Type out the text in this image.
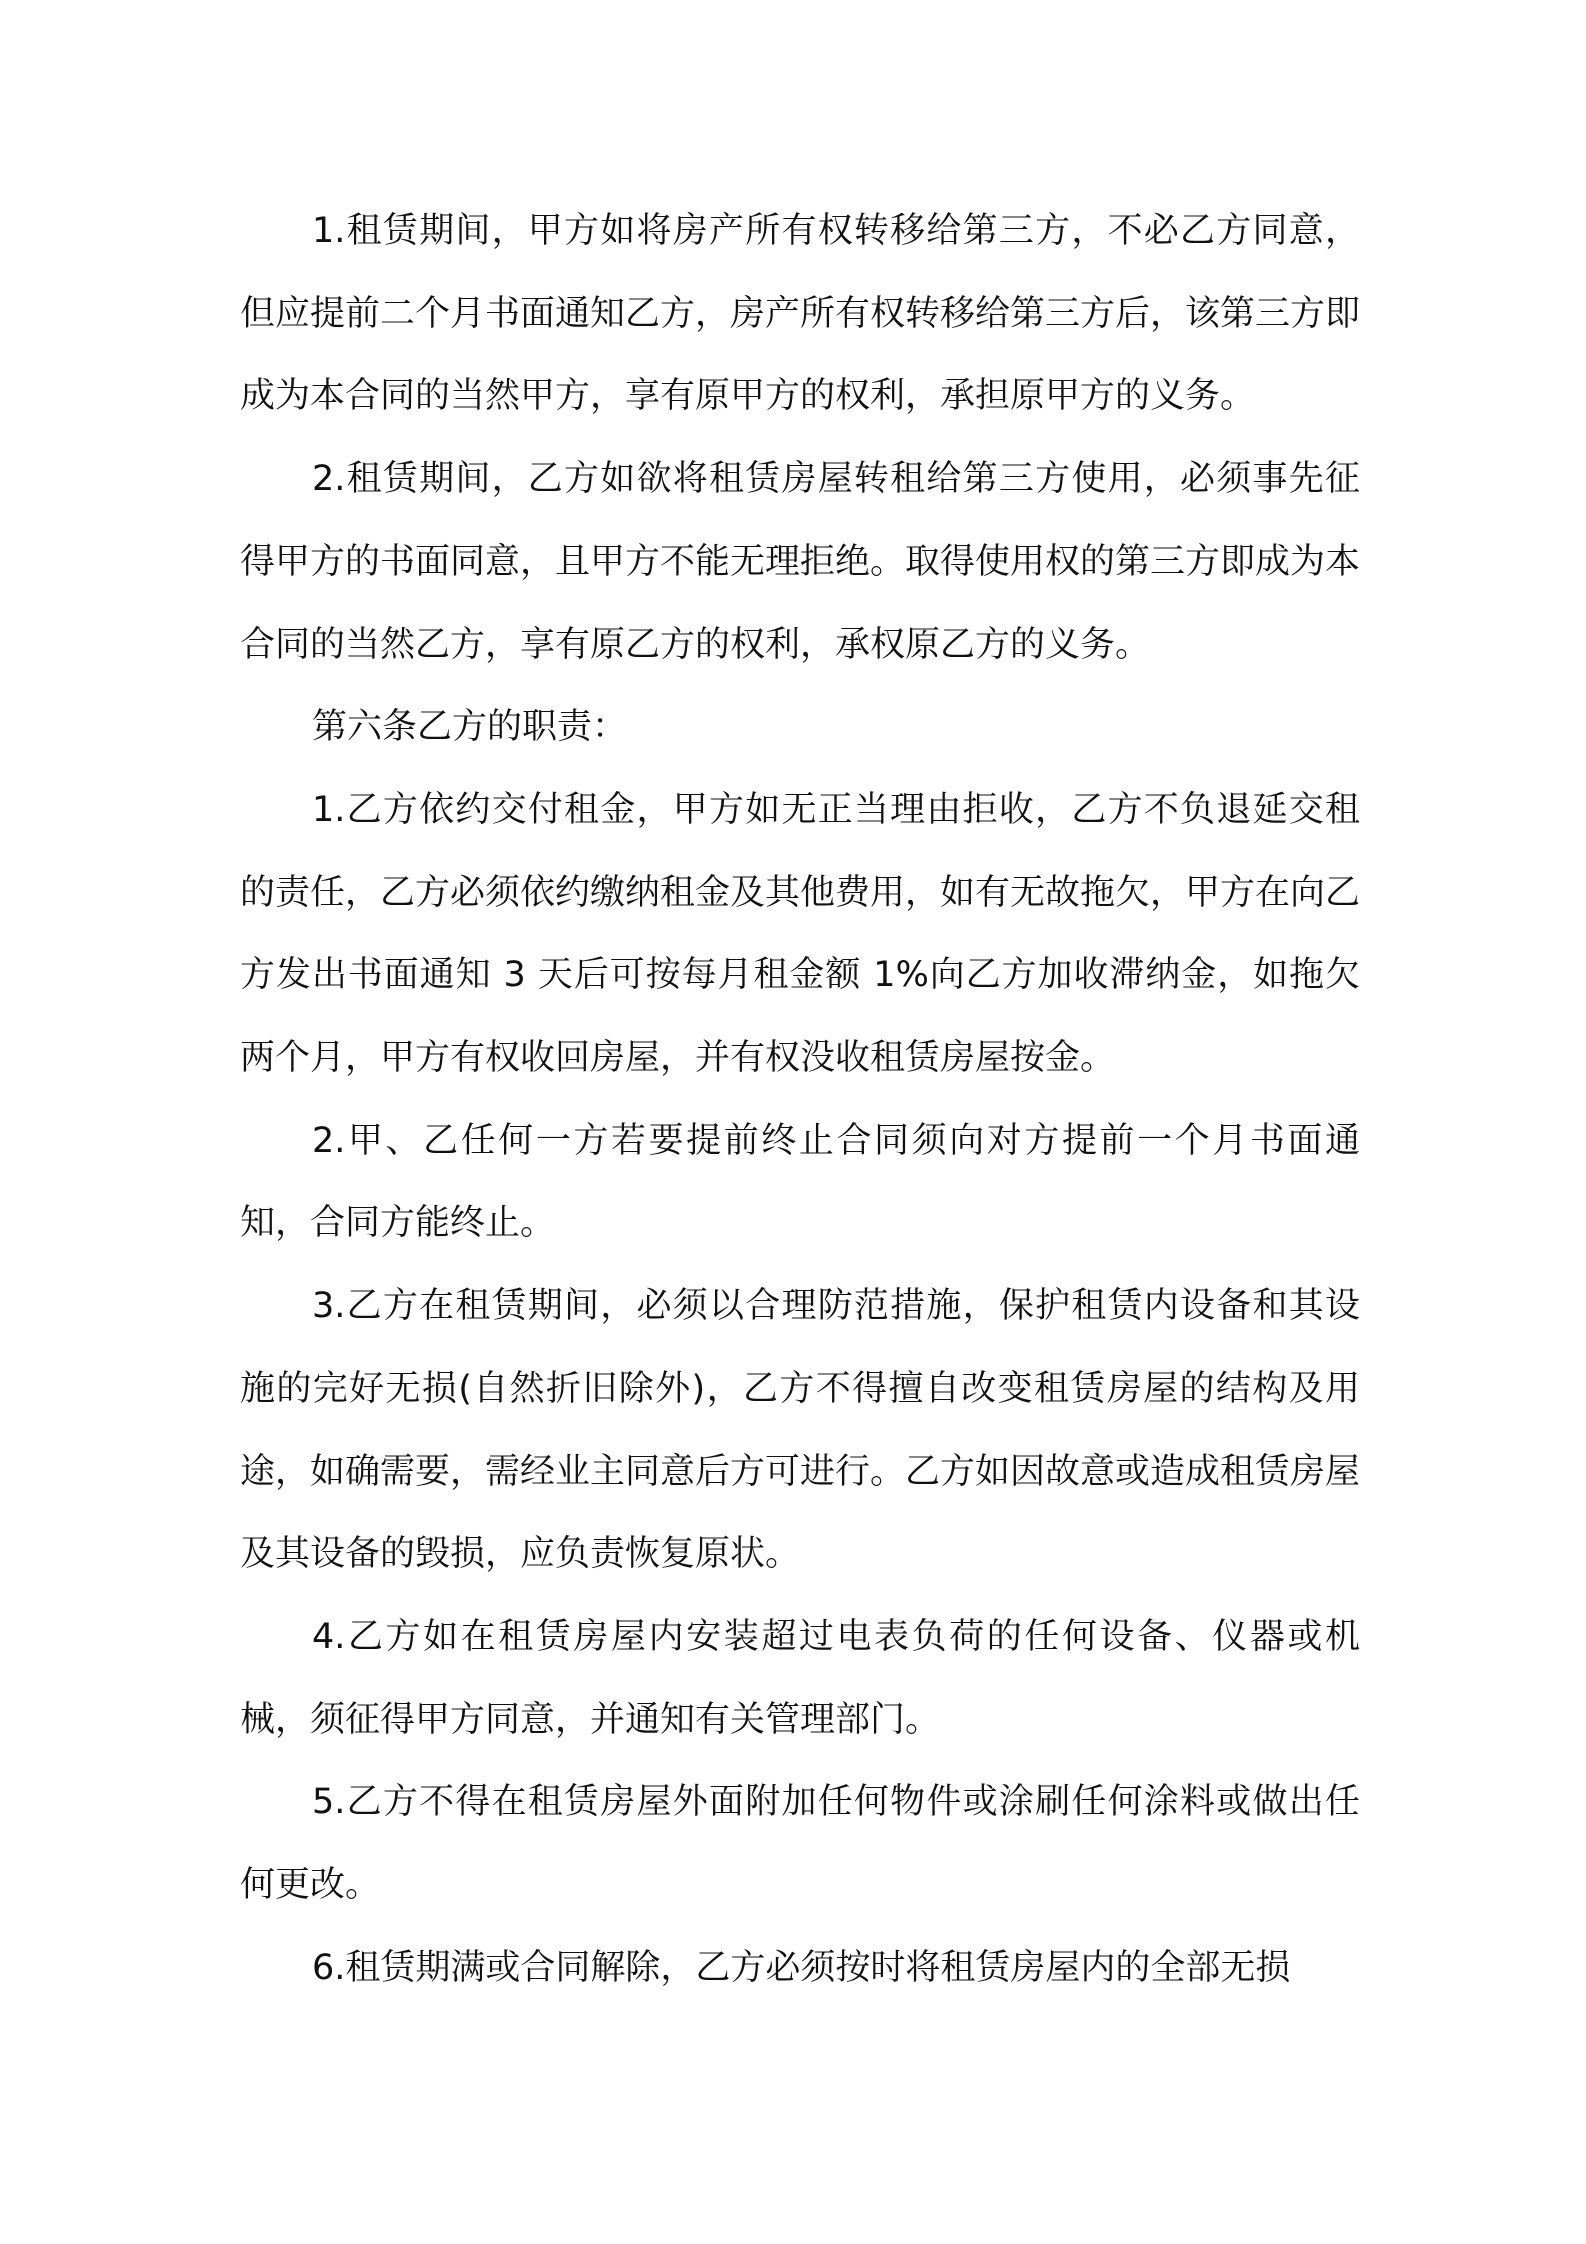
1.租赁期间，甲方如将房产所有权转移给第三方，不必乙方同意，但应提前二个月书面通知乙方，房产所有权转移给第三方后，该第三方即成为本合同的当然甲方，享有原甲方的权利，承担原甲方的义务。

2.租赁期间，乙方如欲将租赁房屋转租给第三方使用，必须事先征得甲方的书面同意，且甲方不能无理拒绝。取得使用权的第三方即成为本合同的当然乙方，享有原乙方的权利，承权原乙方的义务。

第六条乙方的职责：

1.乙方依约交付租金，甲方如无正当理由拒收，乙方不负退延交租的责任，乙方必须依约缴纳租金及其他费用，如有无故拖欠，甲方在向乙方发出书面通知 3 天后可按每月租金额 1%向乙方加收滞纳金，如拖欠两个月，甲方有权收回房屋，并有权没收租赁房屋按金。

2.甲、乙任何一方若要提前终止合同须向对方提前一个月书面通知，合同方能终止。

3.乙方在租赁期间，必须以合理防范措施，保护租赁内设备和其设施的完好无损(自然折旧除外)，乙方不得擅自改变租赁房屋的结构及用途，如确需要，需经业主同意后方可进行。乙方如因故意或造成租赁房屋及其设备的毁损，应负责恢复原状。

4.乙方如在租赁房屋内安装超过电表负荷的任何设备、仪器或机械，须征得甲方同意，并通知有关管理部门。

5.乙方不得在租赁房屋外面附加任何物件或涂刷任何涂料或做出任何更改。

6.租赁期满或合同解除，乙方必须按时将租赁房屋内的全部无损
